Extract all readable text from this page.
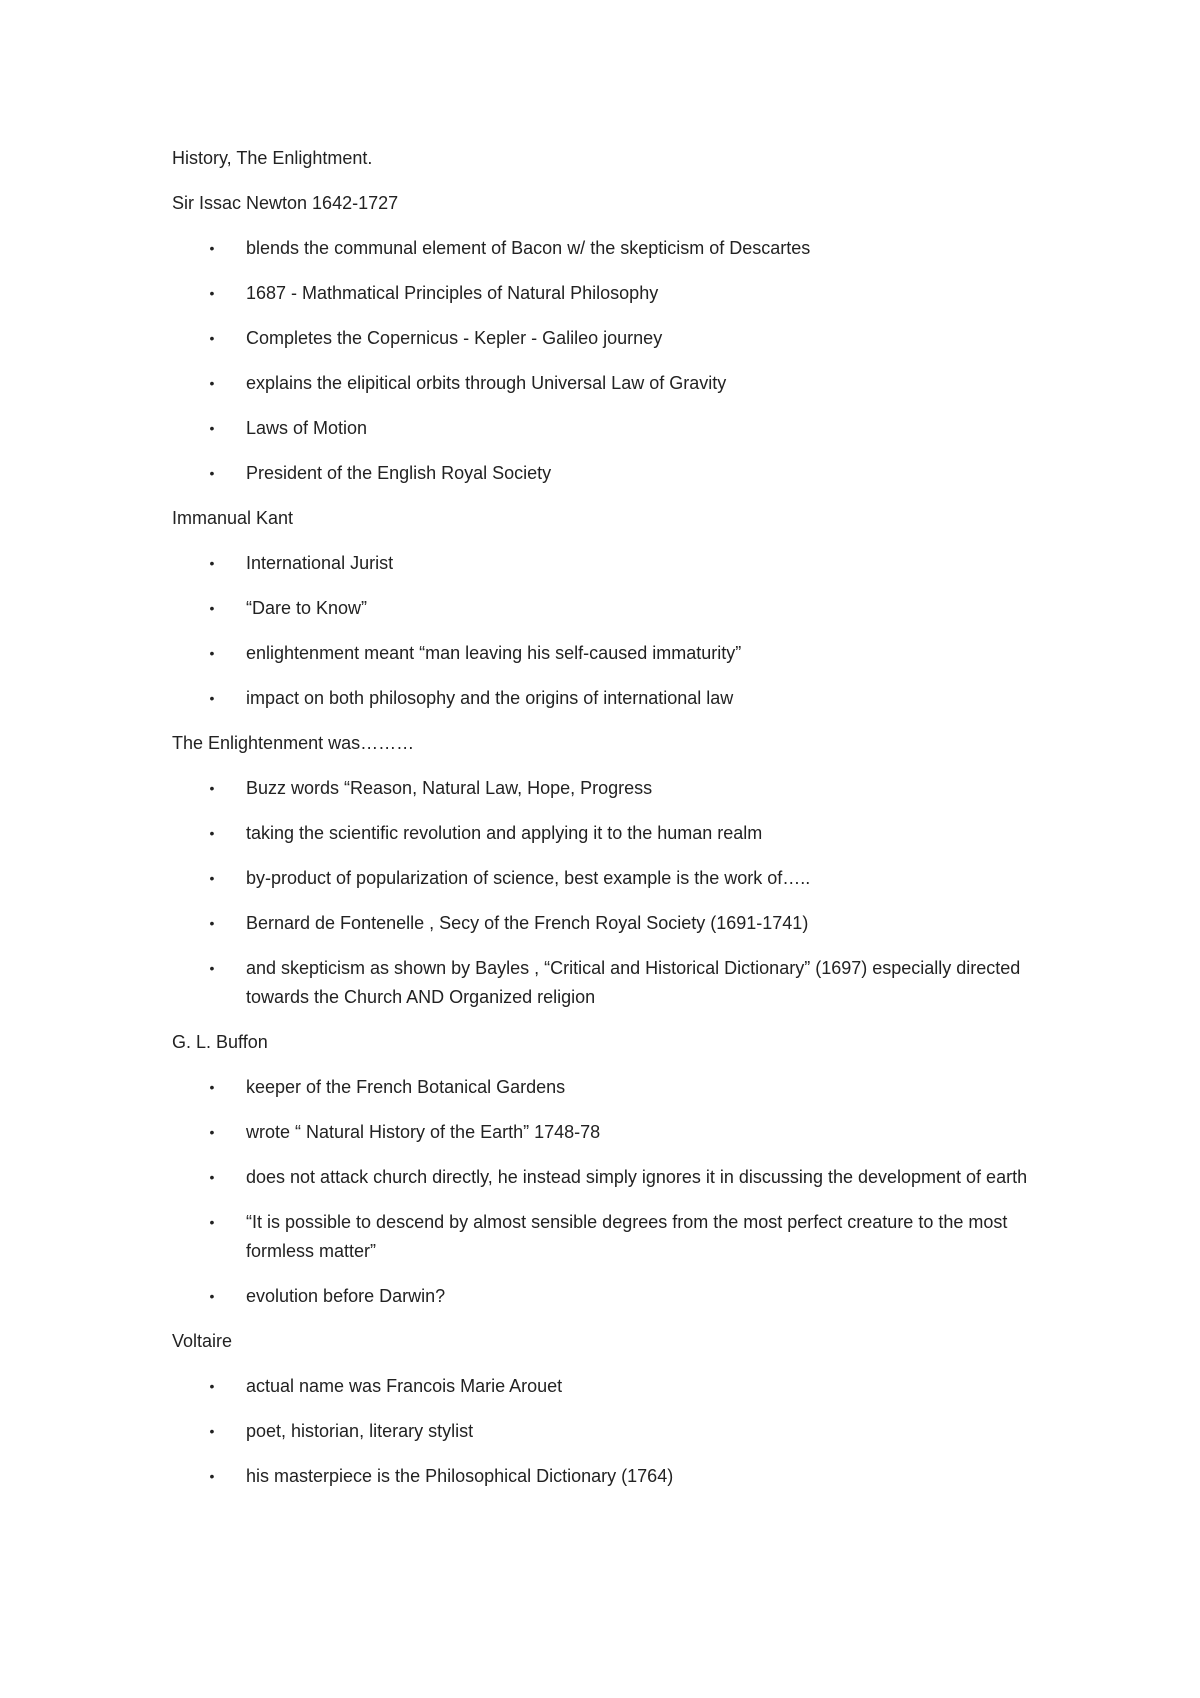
History, The Enlightment.
Sir Issac Newton 1642-1727
• blends the communal element of Bacon w/ the skepticism of Descartes
• 1687 - Mathmatical Principles of Natural Philosophy
• Completes the Copernicus - Kepler - Galileo journey
• explains the elipitical orbits through Universal Law of Gravity
• Laws of Motion
• President of the English Royal Society
Immanual Kant
• International Jurist
• “Dare to Know”
• enlightenment meant “man leaving his self-caused immaturity”
• impact on both philosophy and the origins of international law
The Enlightenment was………
• Buzz words “Reason, Natural Law, Hope, Progress
• taking the scientific revolution and applying it to the human realm
• by-product of popularization of science, best example is the work of…..
• Bernard de Fontenelle , Secy of the French Royal Society (1691-1741)
• and skepticism as shown by Bayles , “Critical and Historical Dictionary” (1697) especially directed towards the Church AND Organized religion
G. L. Buffon
• keeper of the French Botanical Gardens
• wrote “ Natural History of the Earth” 1748-78
• does not attack church directly, he instead simply ignores it in discussing the development of earth
• “It is possible to descend by almost sensible degrees from the most perfect creature to the most formless matter”
• evolution before Darwin?
Voltaire
• actual name was Francois Marie Arouet
• poet, historian, literary stylist
• his masterpiece is the Philosophical Dictionary (1764)
